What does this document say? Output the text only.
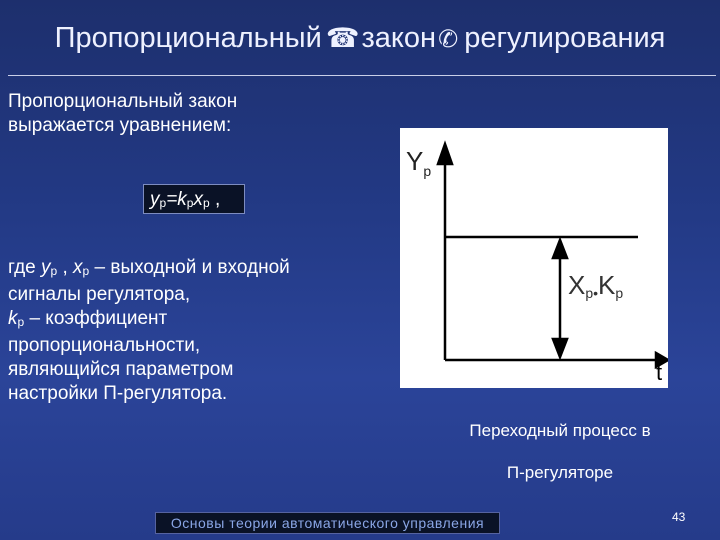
Пропорциональный ☎закон✆ регулирования
Пропорциональный закон
выражается уравнением:
$y_р=k_рx_р$ ,

где $y_р$ , $x_р$ – выходной и входной

сигналы регулятора,

$k_р$ – коэффициент

пропорциональности,

являющийся параметром

настройки П-регулятора.

$Y_p$
t
Xp•Kp
Переходный процесс в
П-регуляторе
Основы теории автоматического управления	43
